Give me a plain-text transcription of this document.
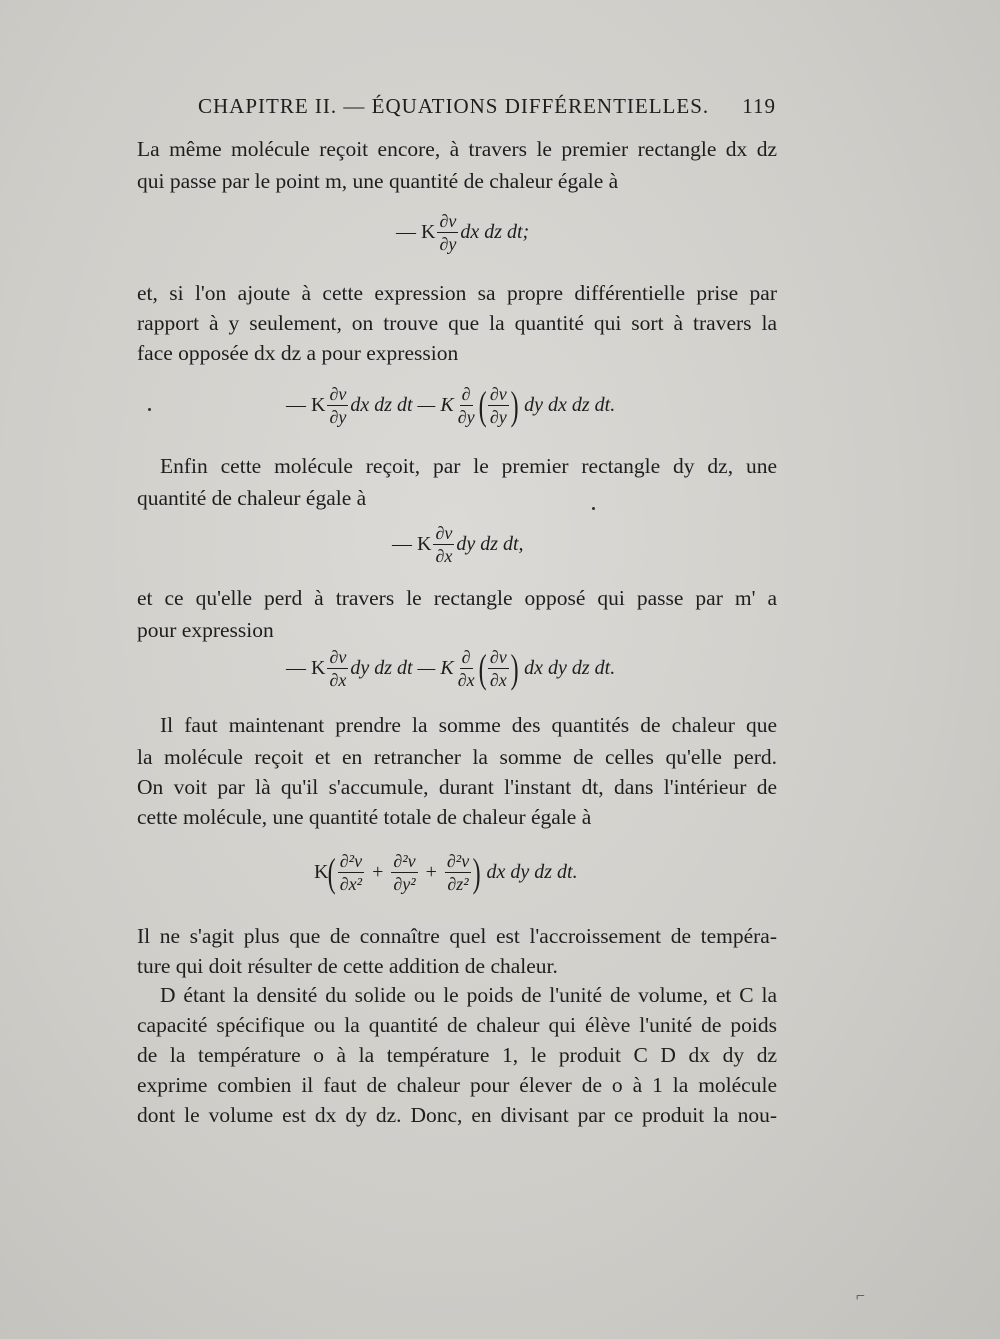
CHAPITRE II. — ÉQUATIONS DIFFÉRENTIELLES. 119
La même molécule reçoit encore, à travers le premier rectangle dx dz
qui passe par le point m, une quantité de chaleur égale à
— K $\frac{\partial v}{\partial y}$ dx dz dt;
et, si l'on ajoute à cette expression sa propre différentielle prise par
rapport à y seulement, on trouve que la quantité qui sort à travers la
face opposée dx dz a pour expression
— K $\frac{\partial v}{\partial y}$ dx dz dt — K $\frac{\partial}{\partial y}$ ( $\frac{\partial v}{\partial y}$ ) dy dx dz dt.
Enfin cette molécule reçoit, par le premier rectangle dy dz, une
quantité de chaleur égale à
— K $\frac{\partial v}{\partial x}$ dy dz dt,
et ce qu'elle perd à travers le rectangle opposé qui passe par m' a
pour expression
— K $\frac{\partial v}{\partial x}$ dy dz dt — K $\frac{\partial}{\partial x}$ ( $\frac{\partial v}{\partial x}$ ) dx dy dz dt.
Il faut maintenant prendre la somme des quantités de chaleur que
la molécule reçoit et en retrancher la somme de celles qu'elle perd.
On voit par là qu'il s'accumule, durant l'instant dt, dans l'intérieur de
cette molécule, une quantité totale de chaleur égale à
K ( $\frac{\text{∂²v}}{\text{∂x²}} + \frac{\text{∂²v}}{\text{∂y²}} + \frac{\text{∂²v}}{\text{∂z²}}$ ) dx dy dz dt.
Il ne s'agit plus que de connaître quel est l'accroissement de tempéra-
ture qui doit résulter de cette addition de chaleur.
D étant la densité du solide ou le poids de l'unité de volume, et C la
capacité spécifique ou la quantité de chaleur qui élève l'unité de poids
de la température o à la température 1, le produit C D dx dy dz
exprime combien il faut de chaleur pour élever de o à 1 la molécule
dont le volume est dx dy dz. Donc, en divisant par ce produit la nou-
⌐
